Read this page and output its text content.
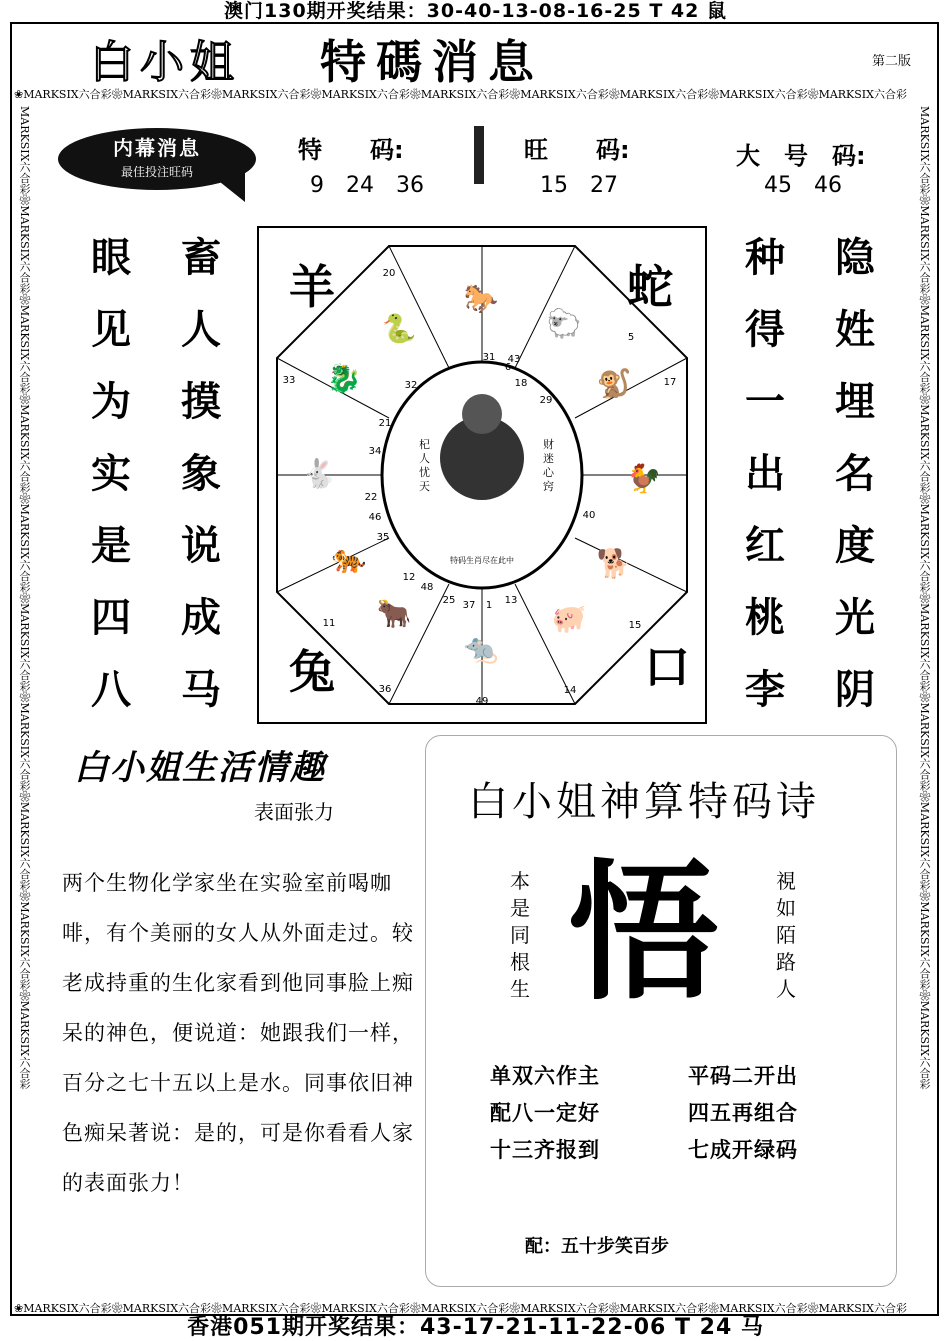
澳门130期开奖结果：30-40-13-08-16-25 T 42 鼠
❀MARKSIX六合彩❀MARKSIX六合彩❀MARKSIX六合彩❀MARKSIX六合彩❀MARKSIX六合彩❀MARKSIX六合彩❀MARKSIX六合彩❀MARKSIX六合彩❀MARKSIX六合彩
❀MARKSIX六合彩❀MARKSIX六合彩❀MARKSIX六合彩❀MARKSIX六合彩❀MARKSIX六合彩❀MARKSIX六合彩❀MARKSIX六合彩❀MARKSIX六合彩❀MARKSIX六合彩
MARKSIX六合彩❀MARKSIX六合彩❀MARKSIX六合彩❀MARKSIX六合彩❀MARKSIX六合彩❀MARKSIX六合彩❀MARKSIX六合彩❀MARKSIX六合彩❀MARKSIX六合彩❀MARKSIX六合彩	MARKSIX六合彩❀MARKSIX六合彩❀MARKSIX六合彩❀MARKSIX六合彩❀MARKSIX六合彩❀MARKSIX六合彩❀MARKSIX六合彩❀MARKSIX六合彩❀MARKSIX六合彩❀MARKSIX六合彩
白小姐 特碼消息	第二版
内幕消息
最佳投注旺码
特　　码:
9　24　36
旺　　码:
15　27
大　号　码:
45　46
眼
见
为
实
是
四
八
畜
人
摸
象
说
成
马
种
得
一
出
红
桃
李
隐
姓
埋
名
度
光
阴
杞人忧天
财迷心窍
特码生肖尽在此中
羊	蛇
兔	口
🐎
🐑
🐒
🐓
🐕
🐖
🐀
🐂
🐅
🐇
🐉
🐍
20
33	32
21
34
22
46
35
12
48
11
36
49
25 37 1 13
43
31
6
18
29
17
5
40
15
14
白小姐生活情趣
表面张力
两个生物化学家坐在实验室前喝咖啡，有个美丽的女人从外面走过。较老成持重的生化家看到他同事脸上痴呆的神色，便说道：她跟我们一样，百分之七十五以上是水。同事依旧神色痴呆著说：是的，可是你看看人家的表面张力！
白小姐神算特码诗
本
是
同
根
生
視
如
陌
路
人
悟
单双六作主
配八一定好
十三齐报到
平码二开出
四五再组合
七成开绿码
配：五十步笑百步
香港051期开奖结果：43-17-21-11-22-06 T 24 马
